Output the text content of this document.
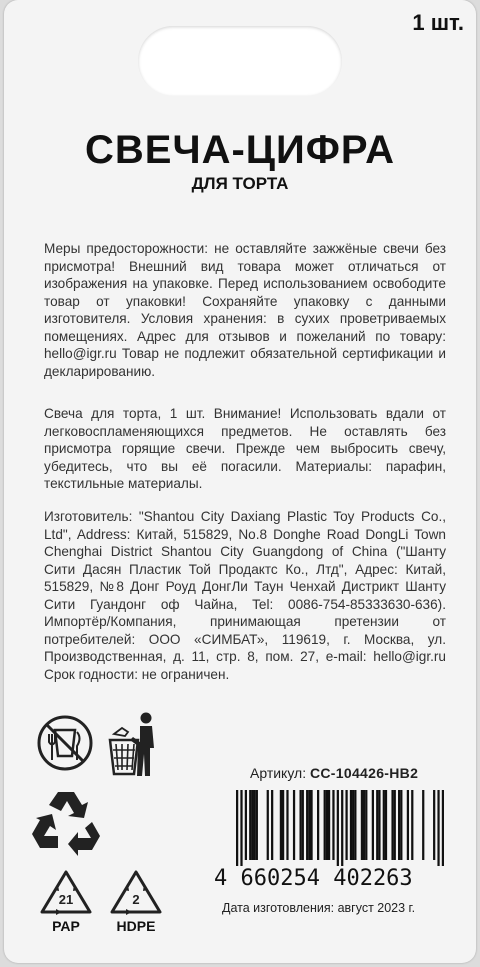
1 шт.
СВЕЧА-ЦИФРА
ДЛЯ ТОРТА

Меры предосторожности: не оставляйте зажжёные свечи без присмотра! Внешний вид товара может отличаться от изображения на упаковке. Перед использованием освободите товар от упаковки! Сохраняйте упаковку с данными изготовителя. Условия хранения: в сухих проветриваемых помещениях. Адрес для отзывов и пожеланий по товару: hello@igr.ru Товар не подлежит обязательной сертификации и декларированию.

Свеча для торта, 1 шт. Внимание! Использовать вдали от легковоспламеняющихся предметов. Не оставлять без присмотра горящие свечи. Прежде чем выбросить свечу, убедитесь, что вы её погасили. Материалы: парафин, текстильные материалы.

Изготовитель: "Shantou City Daxiang Plastic Toy Products Co., Ltd", Address: Китай, 515829, No.8 Donghe Road DongLi Town Chenghai District Shantou City Guangdong of China ("Шанту Сити Дасян Пластик Той Продактс Ко., Лтд", Адрес: Китай, 515829, №8 Донг Роуд ДонгЛи Таун Ченхай Дистрикт Шанту Сити Гуандонг оф Чайна, Tel: 0086-754-85333630-636). Импортёр/Компания, принимающая претензии от потребителей: ООО «СИМБАТ», 119619, г. Москва, ул. Производственная, д. 11, стр. 8, пом. 27, e-mail: hello@igr.ru Срок годности: не ограничен.

21
PAP
2
HDPE
Артикул: CC-104426-HB2
4 660254 402263
Дата изготовления: август 2023 г.
